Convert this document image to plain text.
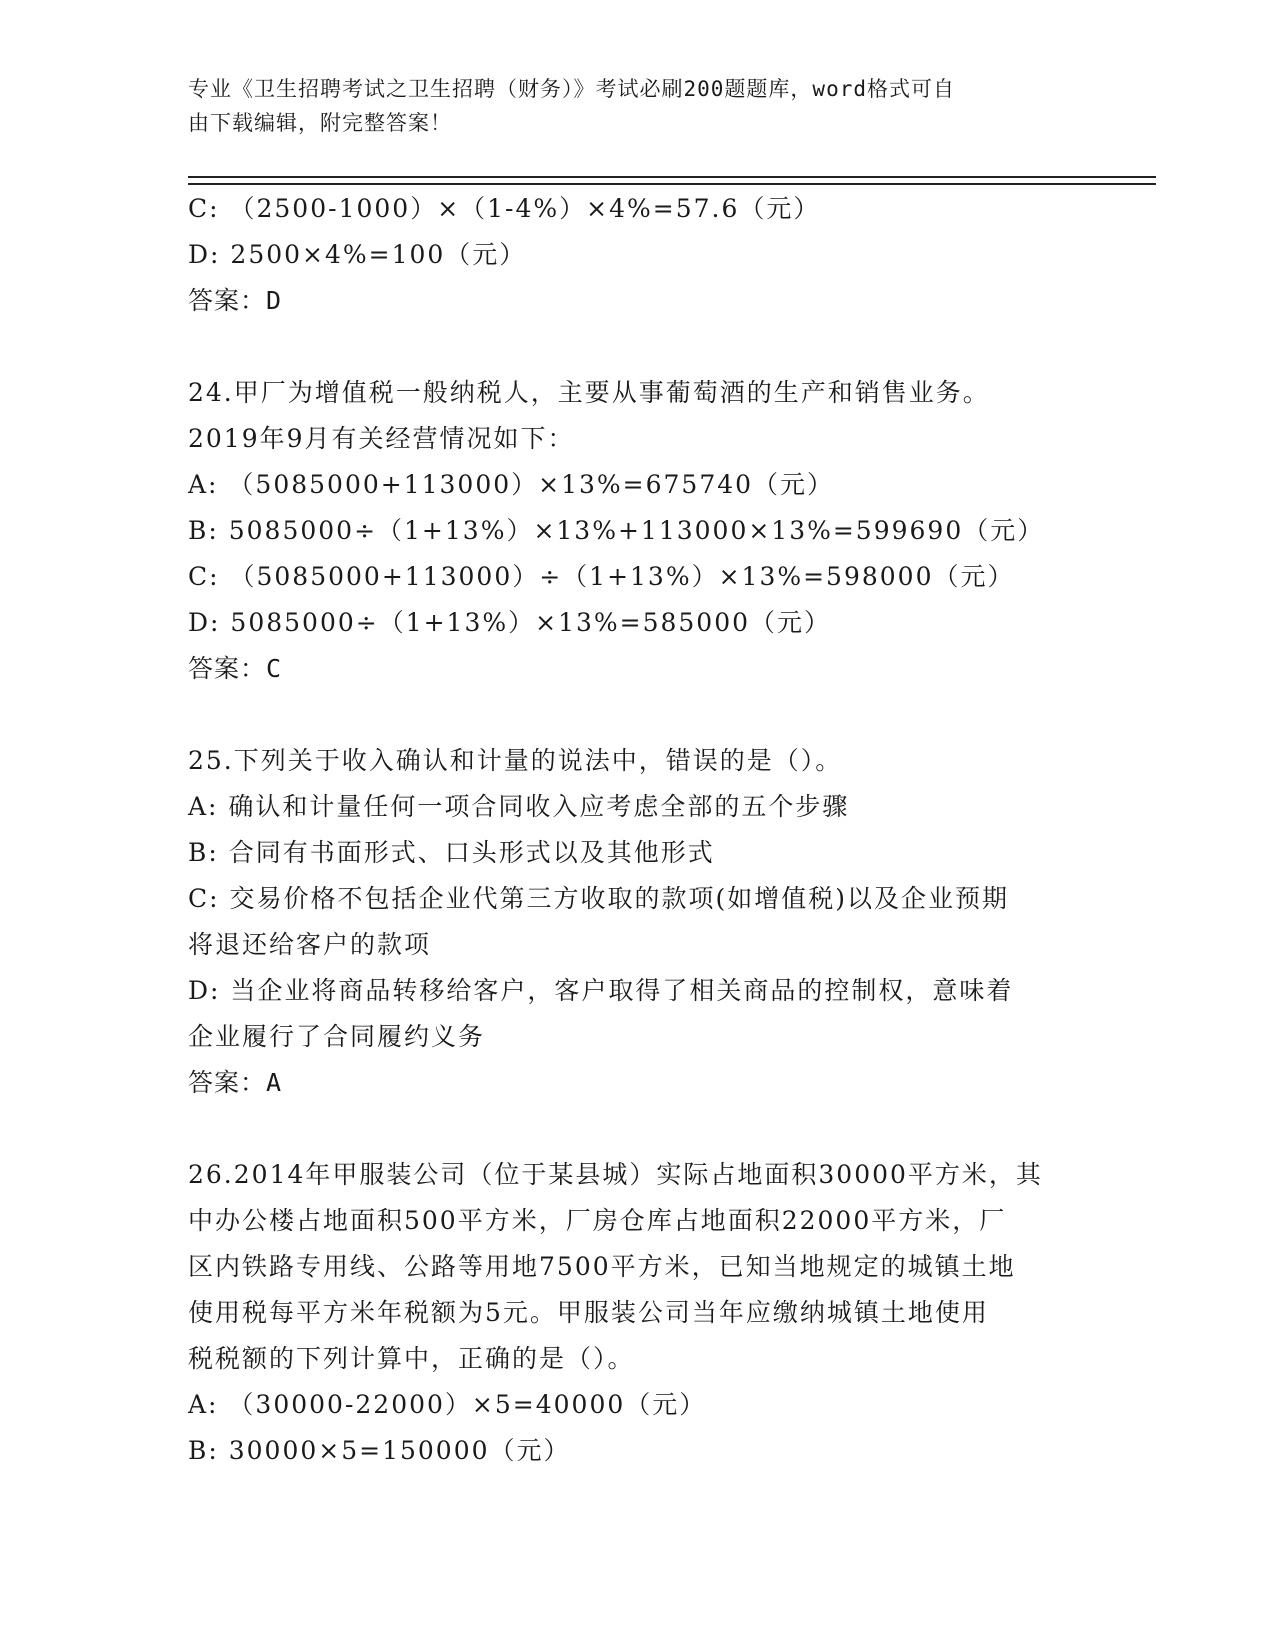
专业《卫生招聘考试之卫生招聘（财务）》考试必刷200题题库，word格式可自
由下载编辑，附完整答案！
C: （2500-1000）×（1-4%）×4%=57.6（元）
D: 2500×4%=100（元）
答案：D
24.甲厂为增值税一般纳税人，主要从事葡萄酒的生产和销售业务。
2019年9月有关经营情况如下：
A: （5085000+113000）×13%=675740（元）
B: 5085000÷（1+13%）×13%+113000×13%=599690（元）
C: （5085000+113000）÷（1+13%）×13%=598000（元）
D: 5085000÷（1+13%）×13%=585000（元）
答案：C
25.下列关于收入确认和计量的说法中，错误的是（）。
A: 确认和计量任何一项合同收入应考虑全部的五个步骤
B: 合同有书面形式、口头形式以及其他形式
C: 交易价格不包括企业代第三方收取的款项(如增值税)以及企业预期
将退还给客户的款项
D: 当企业将商品转移给客户，客户取得了相关商品的控制权，意味着
企业履行了合同履约义务
答案：A
26.2014年甲服装公司（位于某县城）实际占地面积30000平方米，其
中办公楼占地面积500平方米，厂房仓库占地面积22000平方米，厂
区内铁路专用线、公路等用地7500平方米，已知当地规定的城镇土地
使用税每平方米年税额为5元。甲服装公司当年应缴纳城镇土地使用
税税额的下列计算中，正确的是（）。
A: （30000-22000）×5=40000（元）
B: 30000×5=150000（元）
